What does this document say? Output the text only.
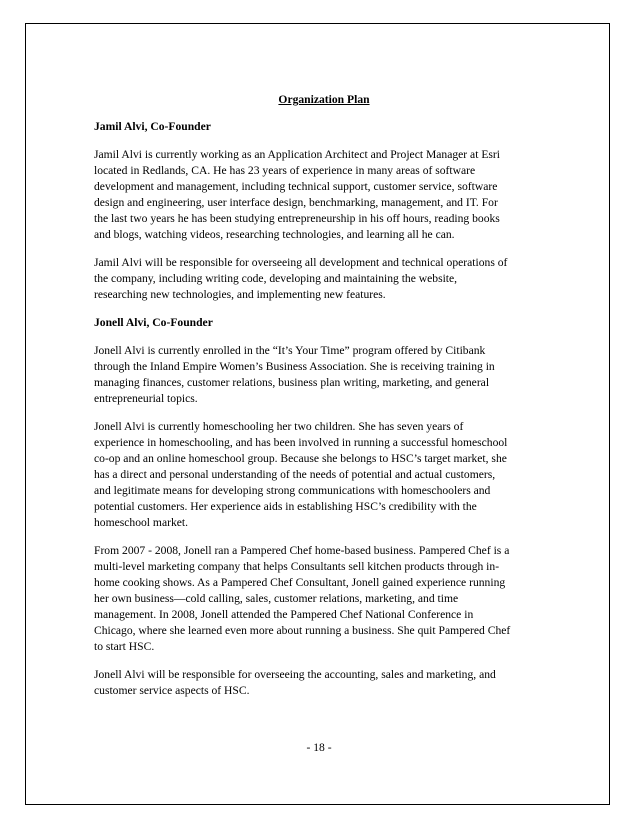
Organization Plan
Jamil Alvi, Co-Founder
Jamil Alvi is currently working as an Application Architect and Project Manager at Esri
located in Redlands, CA. He has 23 years of experience in many areas of software
development and management, including technical support, customer service, software
design and engineering, user interface design, benchmarking, management, and IT. For
the last two years he has been studying entrepreneurship in his off hours, reading books
and blogs, watching videos, researching technologies, and learning all he can.
Jamil Alvi will be responsible for overseeing all development and technical operations of
the company, including writing code, developing and maintaining the website,
researching new technologies, and implementing new features.
Jonell Alvi, Co-Founder
Jonell Alvi is currently enrolled in the “It’s Your Time” program offered by Citibank
through the Inland Empire Women’s Business Association. She is receiving training in
managing finances, customer relations, business plan writing, marketing, and general
entrepreneurial topics.
Jonell Alvi is currently homeschooling her two children. She has seven years of
experience in homeschooling, and has been involved in running a successful homeschool
co-op and an online homeschool group. Because she belongs to HSC’s target market, she
has a direct and personal understanding of the needs of potential and actual customers,
and legitimate means for developing strong communications with homeschoolers and
potential customers. Her experience aids in establishing HSC’s credibility with the
homeschool market.
From 2007 - 2008, Jonell ran a Pampered Chef home-based business. Pampered Chef is a
multi-level marketing company that helps Consultants sell kitchen products through in-
home cooking shows. As a Pampered Chef Consultant, Jonell gained experience running
her own business—cold calling, sales, customer relations, marketing, and time
management. In 2008, Jonell attended the Pampered Chef National Conference in
Chicago, where she learned even more about running a business. She quit Pampered Chef
to start HSC.
Jonell Alvi will be responsible for overseeing the accounting, sales and marketing, and
customer service aspects of HSC.
- 18 -
